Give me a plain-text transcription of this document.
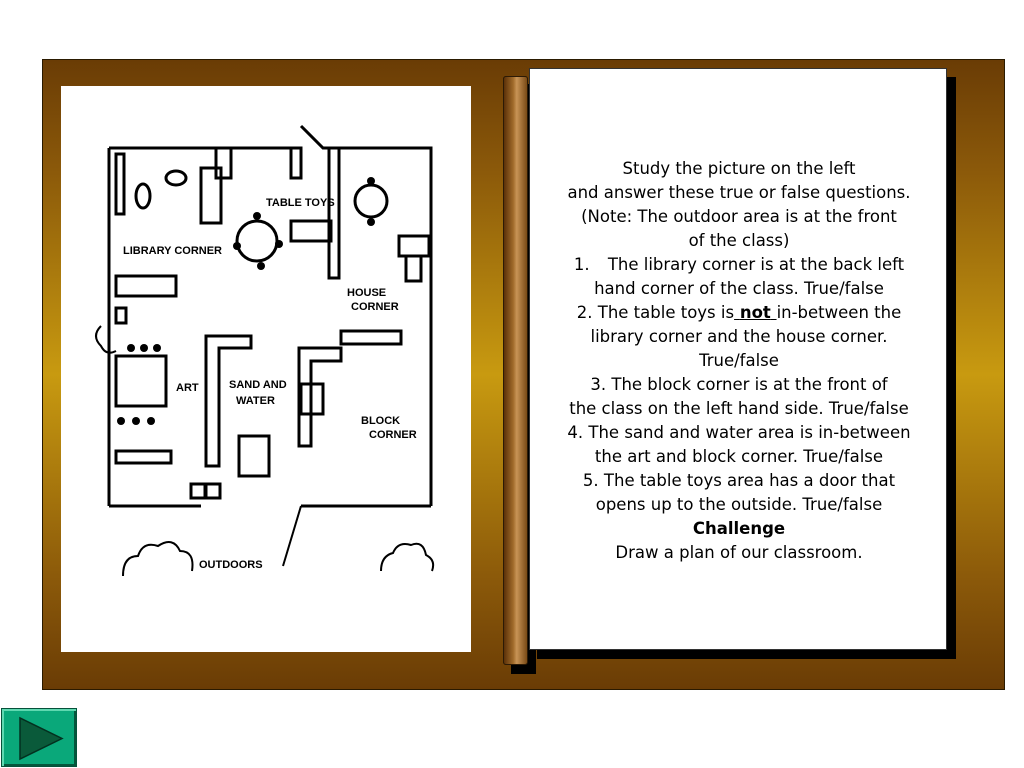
LIBRARY CORNER
TABLE TOYS
HOUSE
CORNER
ART	SAND AND
WATER
BLOCK
CORNER
OUTDOORS
Study the picture on the left
and answer these true or false questions.
(Note: The outdoor area is at the front
of the class)
1. The library corner is at the back left
hand corner of the class. True/false
2. The table toys is not in-between the
library corner and the house corner.
True/false
3. The block corner is at the front of
the class on the left hand side. True/false
4. The sand and water area is in-between
the art and block corner. True/false
5. The table toys area has a door that
opens up to the outside. True/false
Challenge
Draw a plan of our classroom.
